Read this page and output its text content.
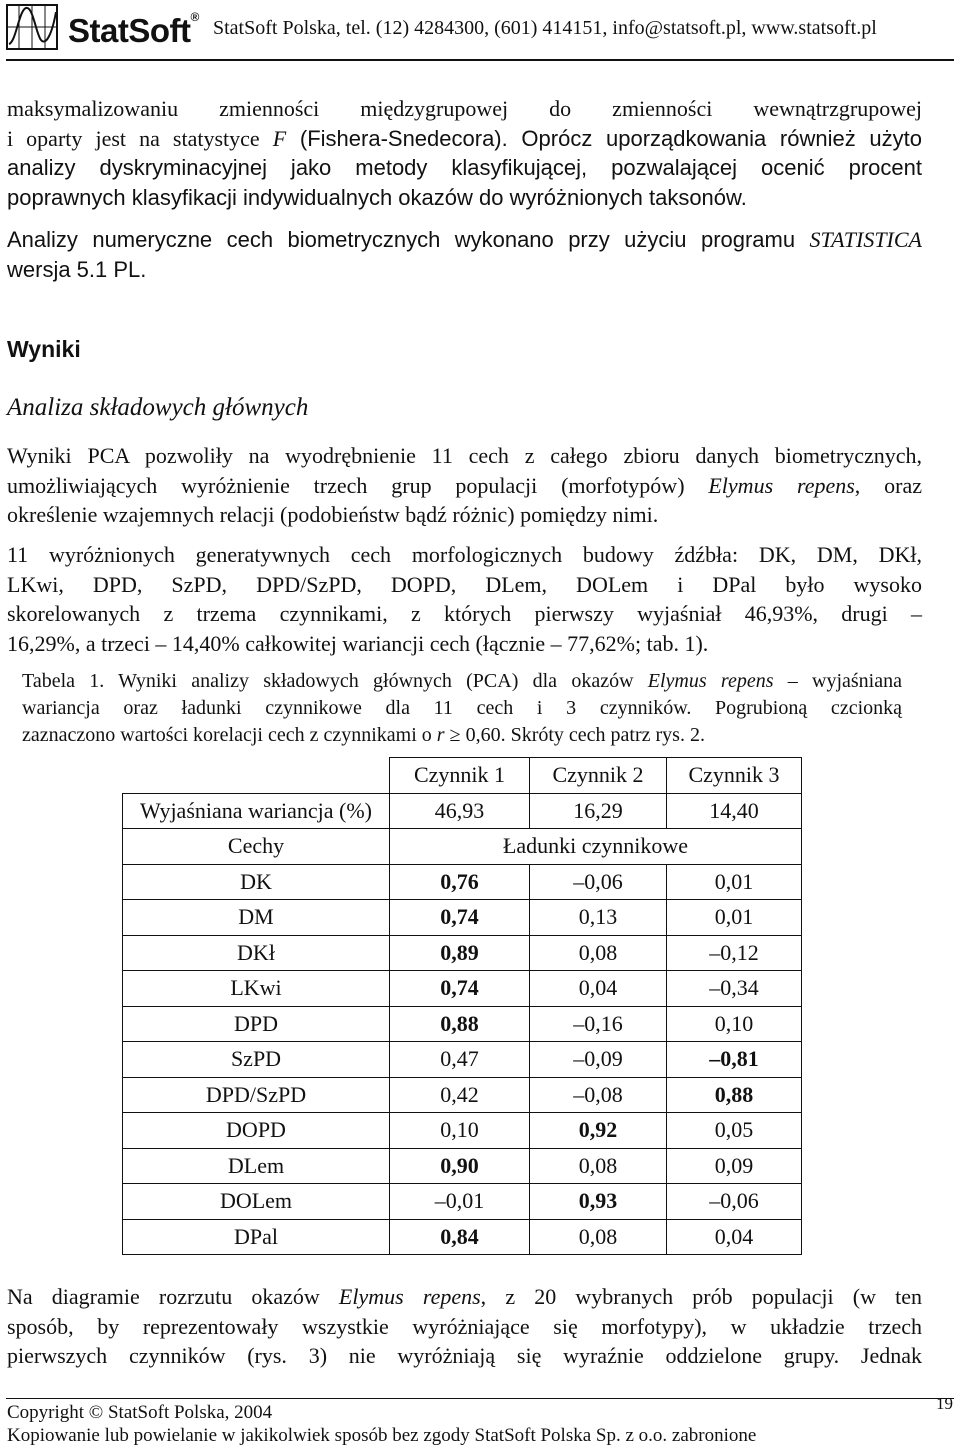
StatSoft® StatSoft Polska, tel. (12) 4284300, (601) 414151, info@statsoft.pl, www.statsoft.pl
maksymalizowaniu zmienności międzygrupowej do zmienności wewnątrzgrupowej
i oparty jest na statystyce F (Fishera-Snedecora). Oprócz uporządkowania również użyto
analizy dyskryminacyjnej jako metody klasyfikującej, pozwalającej ocenić procent
poprawnych klasyfikacji indywidualnych okazów do wyróżnionych taksonów.
Analizy numeryczne cech biometrycznych wykonano przy użyciu programu STATISTICA
wersja 5.1 PL.
Wyniki
Analiza składowych głównych
Wyniki PCA pozwoliły na wyodrębnienie 11 cech z całego zbioru danych biometrycznych,
umożliwiających wyróżnienie trzech grup populacji (morfotypów) Elymus repens, oraz
określenie wzajemnych relacji (podobieństw bądź różnic) pomiędzy nimi.
11 wyróżnionych generatywnych cech morfologicznych budowy źdźbła: DK, DM, DKł,
LKwi, DPD, SzPD, DPD/SzPD, DOPD, DLem, DOLem i DPal było wysoko
skorelowanych z trzema czynnikami, z których pierwszy wyjaśniał 46,93%, drugi –
16,29%, a trzeci – 14,40% całkowitej wariancji cech (łącznie – 77,62%; tab. 1).
Tabela 1. Wyniki analizy składowych głównych (PCA) dla okazów Elymus repens – wyjaśniana
wariancja oraz ładunki czynnikowe dla 11 cech i 3 czynników. Pogrubioną czcionką
zaznaczono wartości korelacji cech z czynnikami o r ≥ 0,60. Skróty cech patrz rys. 2.
	Czynnik 1	Czynnik 2	Czynnik 3
Wyjaśniana wariancja (%)	46,93	16,29	14,40
Cechy	Ładunki czynnikowe		
DK	0,76	–0,06	0,01
DM	0,74	0,13	0,01
DKł	0,89	0,08	–0,12
LKwi	0,74	0,04	–0,34
DPD	0,88	–0,16	0,10
SzPD	0,47	–0,09	–0,81
DPD/SzPD	0,42	–0,08	0,88
DOPD	0,10	0,92	0,05
DLem	0,90	0,08	0,09
DOLem	–0,01	0,93	–0,06
DPal	0,84	0,08	0,04
Na diagramie rozrzutu okazów Elymus repens, z 20 wybranych prób populacji (w ten
sposób, by reprezentowały wszystkie wyróżniające się morfotypy), w układzie trzech
pierwszych czynników (rys. 3) nie wyróżniają się wyraźnie oddzielone grupy. Jednak
Copyright © StatSoft Polska, 2004
Kopiowanie lub powielanie w jakikolwiek sposób bez zgody StatSoft Polska Sp. z o.o. zabronione
19
